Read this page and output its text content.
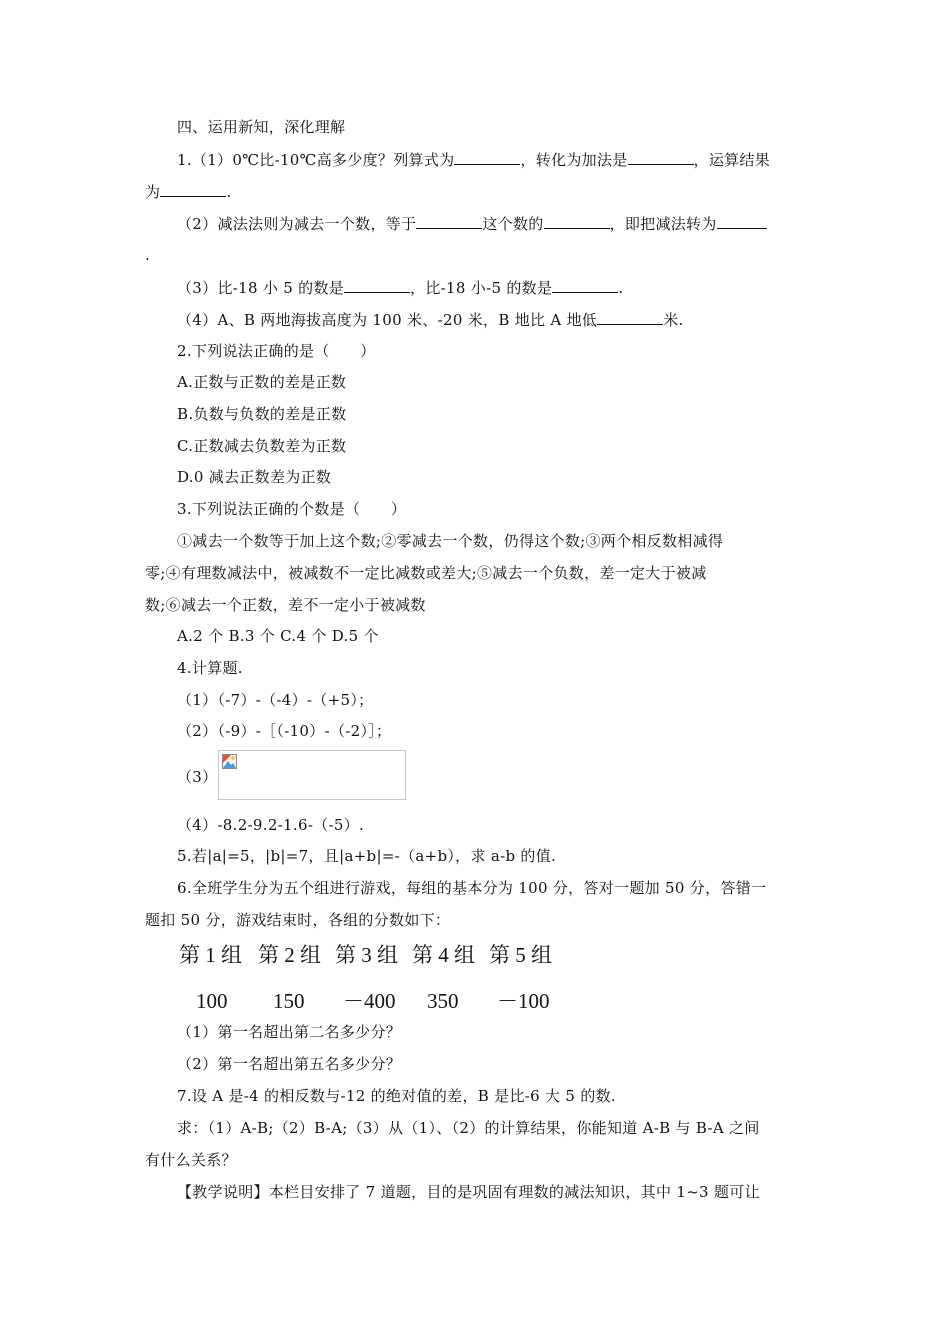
四、运用新知，深化理解
1.（1）0℃比-10℃高多少度？列算式为	，转化为加法是	，运算结果
为	.
（2）减法法则为减去一个数，等于	这个数的	，即把减法转为
.
（3）比-18 小 5 的数是	，比-18 小-5 的数是	.
（4）A、B 两地海拔高度为 100 米、-20 米，B 地比 A 地低	米.
2.下列说法正确的是（　　）
A.正数与正数的差是正数
B.负数与负数的差是正数
C.正数减去负数差为正数
D.0 减去正数差为正数
3.下列说法正确的个数是（　　）
①减去一个数等于加上这个数;②零减去一个数，仍得这个数;③两个相反数相减得
零;④有理数减法中，被减数不一定比减数或差大;⑤减去一个负数，差一定大于被减
数;⑥减去一个正数，差不一定小于被减数
A.2 个 B.3 个 C.4 个 D.5 个
4.计算题.
（1）（-7）-（-4）-（+5）；
（2）（-9）-［（-10）-（-2）］；
（3）
（4）-8.2-9.2-1.6-（-5）.
5.若|a|=5，|b|=7，且|a+b|=-（a+b），求 a-b 的值.
6.全班学生分为五个组进行游戏，每组的基本分为 100 分，答对一题加 50 分，答错一
题扣 50 分，游戏结束时，各组的分数如下：
第 1 组 第 2 组 第 3 组 第 4 组 第 5 组
100 150 －400 350 －100
（1）第一名超出第二名多少分？
（2）第一名超出第五名多少分？
7.设 A 是-4 的相反数与-12 的绝对值的差，B 是比-6 大 5 的数.
求：（1）A-B;（2）B-A;（3）从（1）、（2）的计算结果，你能知道 A-B 与 B-A 之间
有什么关系？
【教学说明】本栏目安排了 7 道题，目的是巩固有理数的减法知识，其中 1~3 题可让
